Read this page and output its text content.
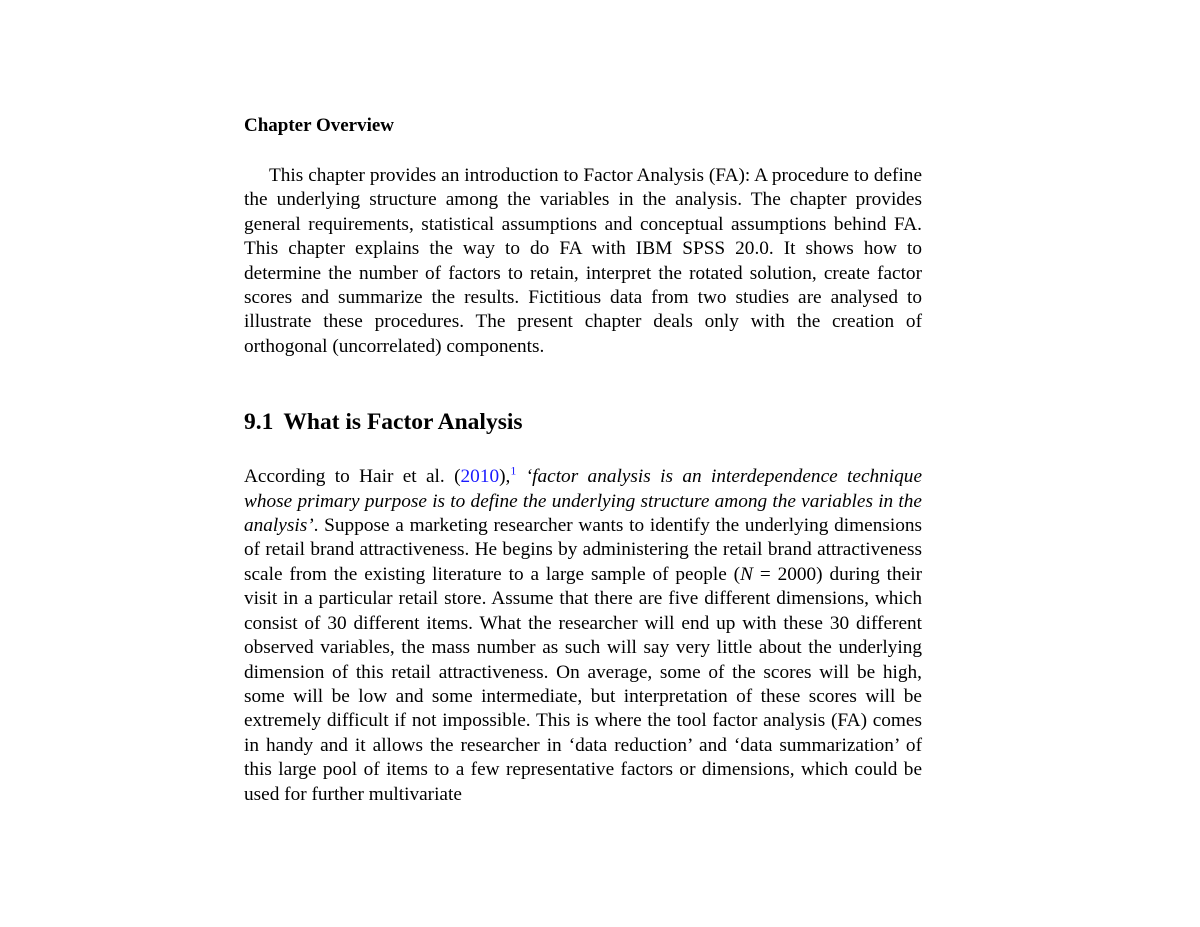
Chapter Overview

This chapter provides an introduction to Factor Analysis (FA): A procedure to define the underlying structure among the variables in the analysis. The chapter provides general requirements, statistical assumptions and conceptual assumptions behind FA. This chapter explains the way to do FA with IBM SPSS 20.0. It shows how to determine the number of factors to retain, interpret the rotated solution, create factor scores and summarize the results. Fictitious data from two studies are analysed to illustrate these procedures. The present chapter deals only with the creation of orthogonal (uncorrelated) components.

9.1 What is Factor Analysis

According to Hair et al. (2010),$^1$ ‘factor analysis is an interdependence technique whose primary purpose is to define the underlying structure among the variables in the analysis’. Suppose a marketing researcher wants to identify the underlying dimensions of retail brand attractiveness. He begins by administering the retail brand attractiveness scale from the existing literature to a large sample of people (N = 2000) during their visit in a particular retail store. Assume that there are five different dimensions, which consist of 30 different items. What the researcher will end up with these 30 different observed variables, the mass number as such will say very little about the underlying dimension of this retail attractiveness. On average, some of the scores will be high, some will be low and some intermediate, but interpretation of these scores will be extremely difficult if not impossible. This is where the tool factor analysis (FA) comes in handy and it allows the researcher in ‘data reduction’ and ‘data summarization’ of this large pool of items to a few representative factors or dimensions, which could be used for further multivariate
